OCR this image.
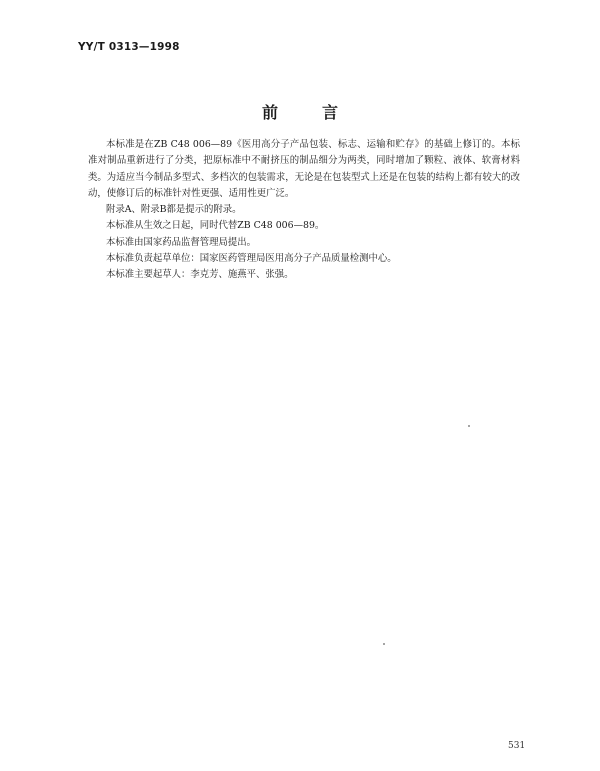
YY/T 0313—1998
前言

本标准是在ZB C48 006—89《医用高分子产品包装、标志、运输和贮存》的基础上修订的。本标准对制品重新进行了分类，把原标准中不耐挤压的制品细分为两类，同时增加了颗粒、液体、软膏材料类。为适应当今制品多型式、多档次的包装需求，无论是在包装型式上还是在包装的结构上都有较大的改动，使修订后的标准针对性更强、适用性更广泛。

附录A、附录B都是提示的附录。

本标准从生效之日起，同时代替ZB C48 006—89。

本标准由国家药品监督管理局提出。

本标准负责起草单位：国家医药管理局医用高分子产品质量检测中心。

本标准主要起草人：李克芳、施燕平、张强。

531
